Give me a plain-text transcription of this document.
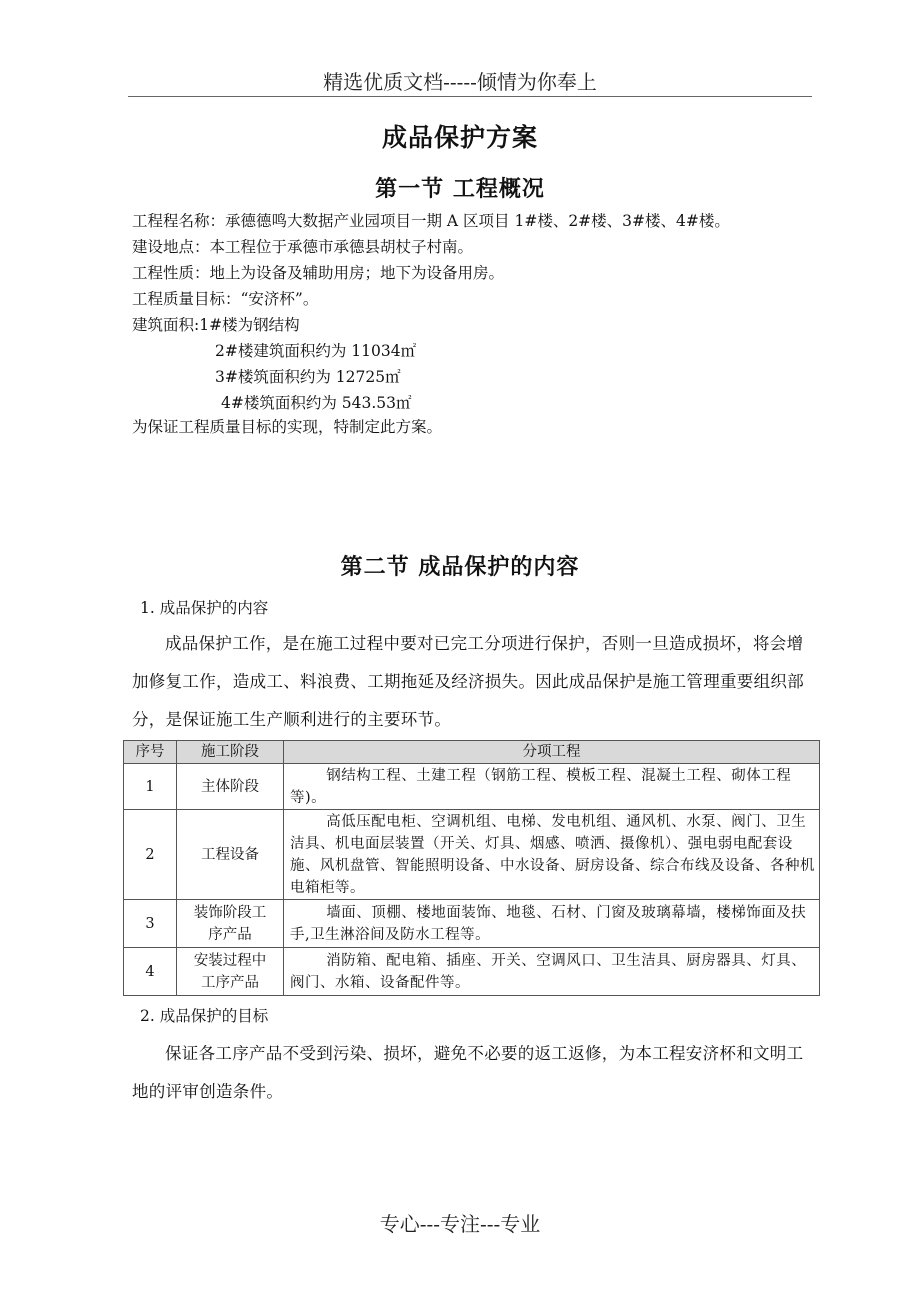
精选优质文档-----倾情为你奉上
成品保护方案
第一节 工程概况
工程程名称：承德德鸣大数据产业园项目一期 A 区项目 1#楼、2#楼、3#楼、4#楼。
建设地点：本工程位于承德市承德县胡杖子村南。
工程性质：地上为设备及辅助用房；地下为设备用房。
工程质量目标：“安济杯”。
建筑面积:1#楼为钢结构
2#楼建筑面积约为 11034㎡
3#楼筑面积约为 12725㎡
4#楼筑面积约为 543.53㎡
为保证工程质量目标的实现，特制定此方案。
第二节 成品保护的内容
1. 成品保护的内容
成品保护工作，是在施工过程中要对已完工分项进行保护，否则一旦造成损坏，将会增加修复工作，造成工、料浪费、工期拖延及经济损失。因此成品保护是施工管理重要组织部分，是保证施工生产顺利进行的主要环节。
序号	施工阶段	分项工程
1	主体阶段	钢结构工程、土建工程（钢筋工程、模板工程、混凝土工程、砌体工程等)。
2	工程设备	高低压配电柜、空调机组、电梯、发电机组、通风机、水泵、阀门、卫生洁具、机电面层装置（开关、灯具、烟感、喷洒、摄像机）、强电弱电配套设施、风机盘管、智能照明设备、中水设备、厨房设备、综合布线及设备、各种机电箱柜等。
3	装饰阶段工序产品	墙面、顶棚、楼地面装饰、地毯、石材、门窗及玻璃幕墙，楼梯饰面及扶手,卫生淋浴间及防水工程等。
4	安装过程中工序产品	消防箱、配电箱、插座、开关、空调风口、卫生洁具、厨房器具、灯具、阀门、水箱、设备配件等。
2. 成品保护的目标
保证各工序产品不受到污染、损坏，避免不必要的返工返修，为本工程安济杯和文明工地的评审创造条件。
专心---专注---专业
